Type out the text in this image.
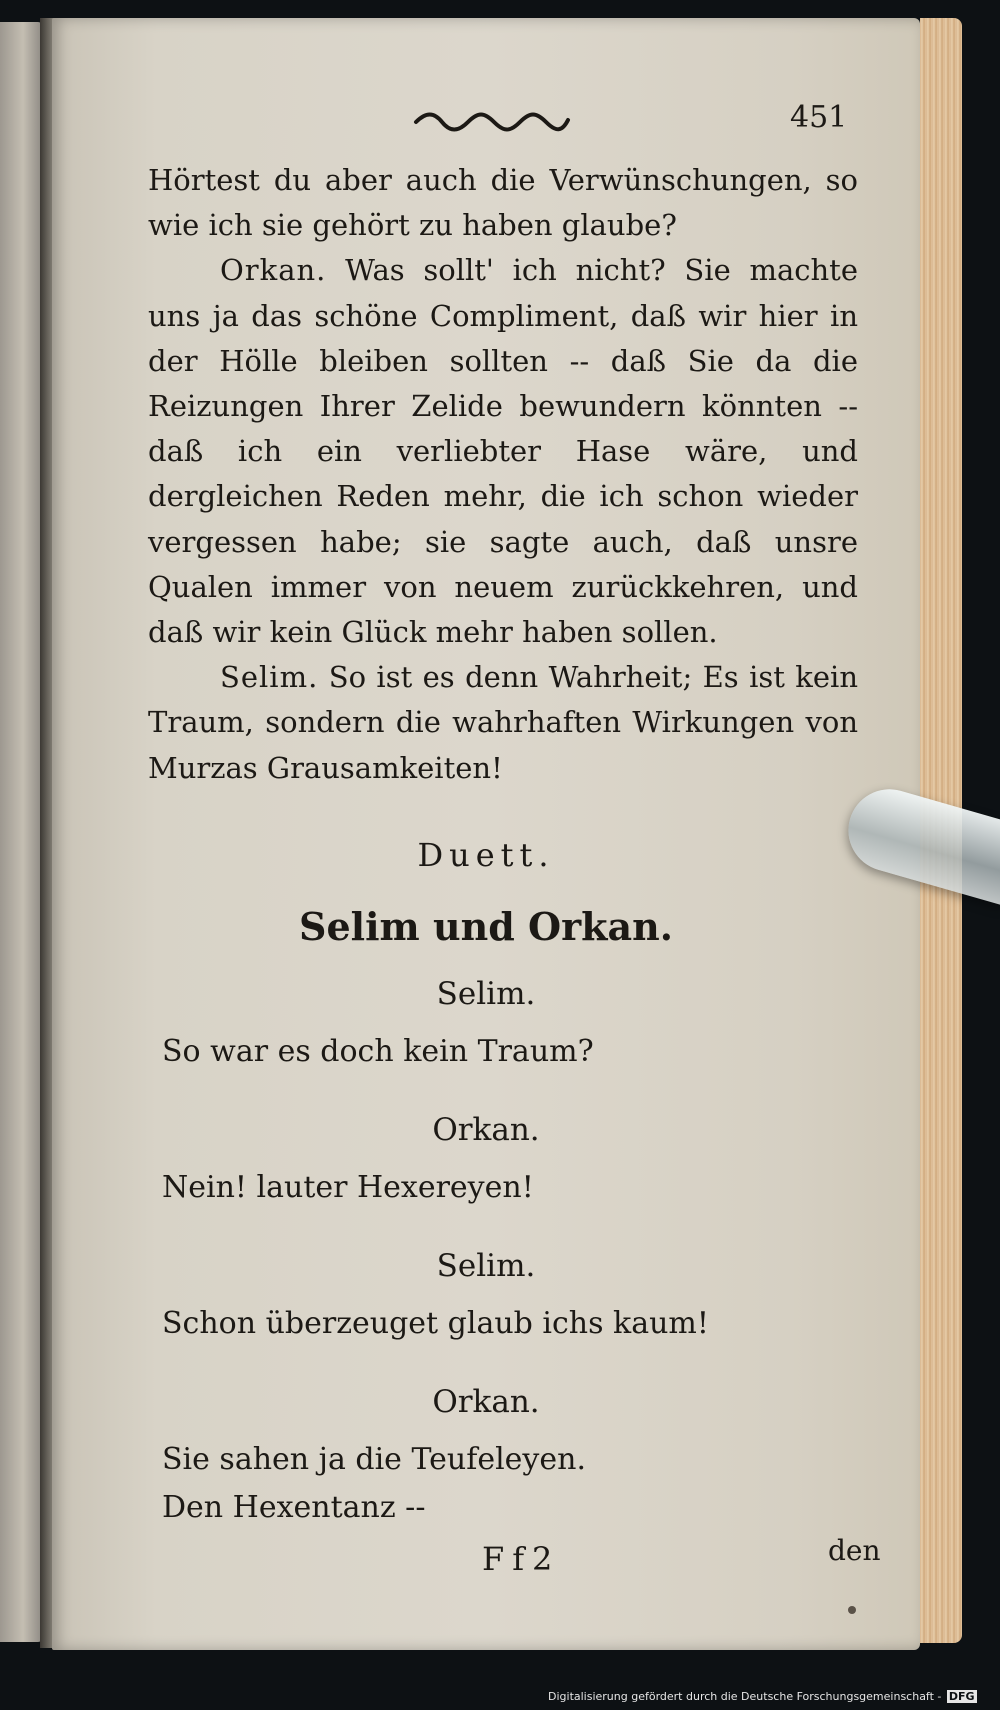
451

Hörtest du aber auch die Verwünschungen, so wie ich sie gehört zu haben glaube?

Orkan. Was sollt' ich nicht? Sie machte uns ja das schöne Compliment, daß wir hier in der Hölle bleiben sollten -- daß Sie da die Reizungen Ihrer Zelide bewundern könnten -- daß ich ein verliebter Hase wäre, und dergleichen Reden mehr, die ich schon wieder vergessen habe; sie sagte auch, daß unsre Qualen immer von neuem zurückkehren, und daß wir kein Glück mehr haben sollen.

Selim. So ist es denn Wahrheit; Es ist kein Traum, sondern die wahrhaften Wirkungen von Murzas Grausamkeiten!

Duett.
Selim und Orkan.
Selim.
So war es doch kein Traum?
Orkan.
Nein! lauter Hexereyen!
Selim.
Schon überzeuget glaub ichs kaum!
Orkan.
Sie sahen ja die Teufeleyen.
Den Hexentanz --
Ff2	den
Digitalisierung gefördert durch die Deutsche Forschungsgemeinschaft - DFG
